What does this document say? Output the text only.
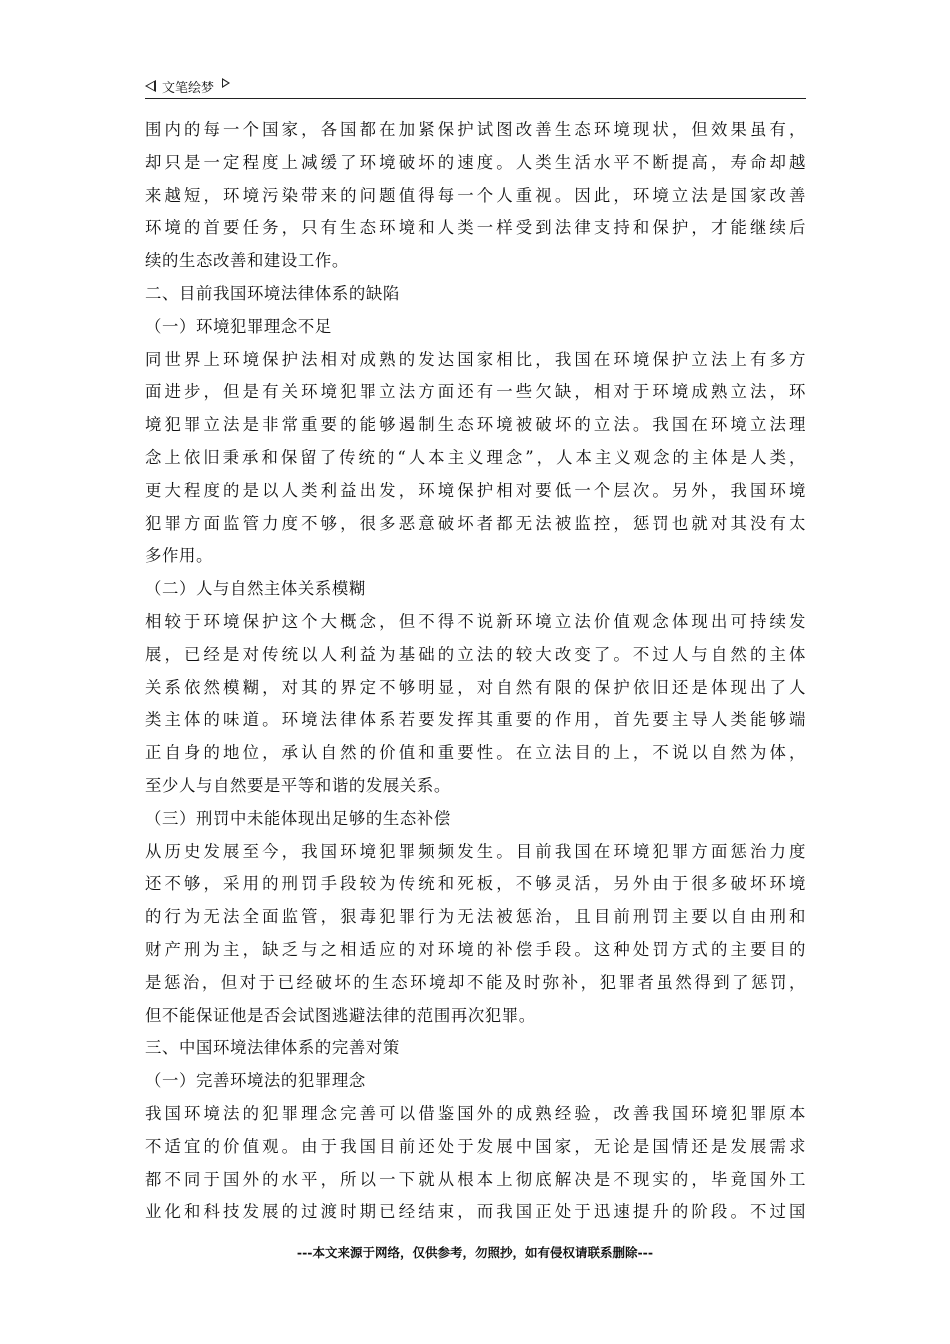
文笔绘梦
围内的每一个国家，各国都在加紧保护试图改善生态环境现状，但效果虽有，
却只是一定程度上减缓了环境破坏的速度。人类生活水平不断提高，寿命却越
来越短，环境污染带来的问题值得每一个人重视。因此，环境立法是国家改善
环境的首要任务，只有生态环境和人类一样受到法律支持和保护，才能继续后
续的生态改善和建设工作。
二、目前我国环境法律体系的缺陷
（一）环境犯罪理念不足
同世界上环境保护法相对成熟的发达国家相比，我国在环境保护立法上有多方
面进步，但是有关环境犯罪立法方面还有一些欠缺，相对于环境成熟立法，环
境犯罪立法是非常重要的能够遏制生态环境被破坏的立法。我国在环境立法理
念上依旧秉承和保留了传统的“人本主义理念”，人本主义观念的主体是人类，
更大程度的是以人类利益出发，环境保护相对要低一个层次。另外，我国环境
犯罪方面监管力度不够，很多恶意破坏者都无法被监控，惩罚也就对其没有太
多作用。
（二）人与自然主体关系模糊
相较于环境保护这个大概念，但不得不说新环境立法价值观念体现出可持续发
展，已经是对传统以人利益为基础的立法的较大改变了。不过人与自然的主体
关系依然模糊，对其的界定不够明显，对自然有限的保护依旧还是体现出了人
类主体的味道。环境法律体系若要发挥其重要的作用，首先要主导人类能够端
正自身的地位，承认自然的价值和重要性。在立法目的上，不说以自然为体，
至少人与自然要是平等和谐的发展关系。
（三）刑罚中未能体现出足够的生态补偿
从历史发展至今，我国环境犯罪频频发生。目前我国在环境犯罪方面惩治力度
还不够，采用的刑罚手段较为传统和死板，不够灵活，另外由于很多破坏环境
的行为无法全面监管，狠毒犯罪行为无法被惩治，且目前刑罚主要以自由刑和
财产刑为主，缺乏与之相适应的对环境的补偿手段。这种处罚方式的主要目的
是惩治，但对于已经破坏的生态环境却不能及时弥补，犯罪者虽然得到了惩罚，
但不能保证他是否会试图逃避法律的范围再次犯罪。
三、中国环境法律体系的完善对策
（一）完善环境法的犯罪理念
我国环境法的犯罪理念完善可以借鉴国外的成熟经验，改善我国环境犯罪原本
不适宜的价值观。由于我国目前还处于发展中国家，无论是国情还是发展需求
都不同于国外的水平，所以一下就从根本上彻底解决是不现实的，毕竟国外工
业化和科技发展的过渡时期已经结束，而我国正处于迅速提升的阶段。不过国
---本文来源于网络，仅供参考，勿照抄，如有侵权请联系删除---
